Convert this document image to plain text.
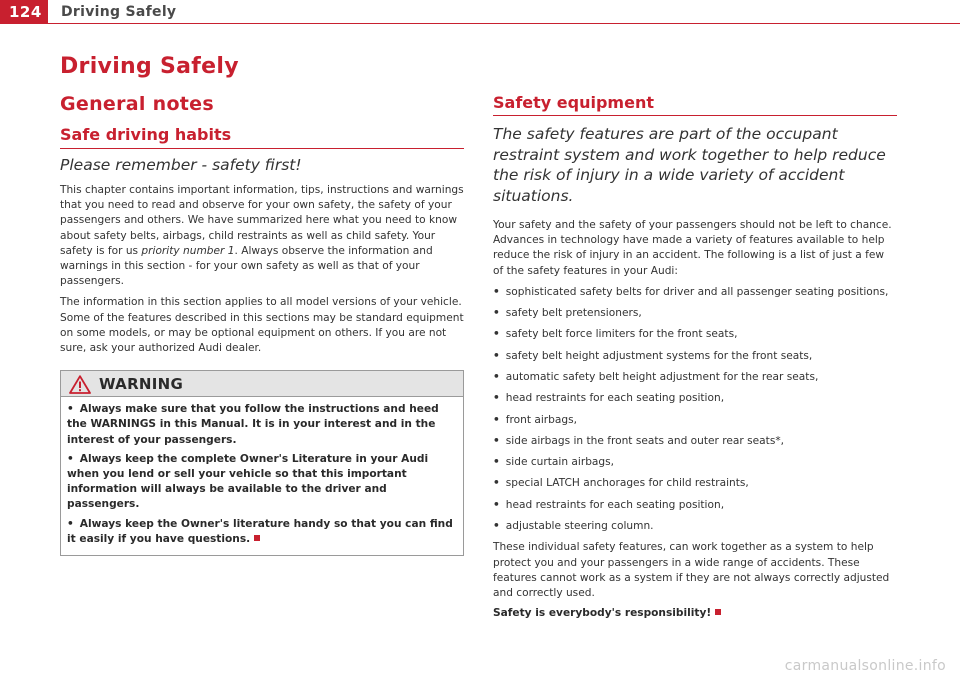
124	Driving Safely
Driving Safely
General notes
Safe driving habits

Please remember - safety first!

This chapter contains important information, tips, instructions and warnings that you need to read and observe for your own safety, the safety of your passengers and others. We have summarized here what you need to know about safety belts, airbags, child restraints as well as child safety. Your safety is for us priority number 1. Always observe the information and warnings in this section - for your own safety as well as that of your passengers.

The information in this section applies to all model versions of your vehicle. Some of the features described in this sections may be standard equipment on some models, or may be optional equipment on others. If you are not sure, ask your authorized Audi dealer.

WARNING

• Always make sure that you follow the instructions and heed the WARNINGS in this Manual. It is in your interest and in the interest of your passengers.

• Always keep the complete Owner's Literature in your Audi when you lend or sell your vehicle so that this important information will always be available to the driver and passengers.

• Always keep the Owner's literature handy so that you can find it easily if you have questions.

Safety equipment

The safety features are part of the occupant restraint system and work together to help reduce the risk of injury in a wide variety of accident situations.

Your safety and the safety of your passengers should not be left to chance. Advances in technology have made a variety of features available to help reduce the risk of injury in an accident. The following is a list of just a few of the safety features in your Audi:

• sophisticated safety belts for driver and all passenger seating positions,
• safety belt pretensioners,
• safety belt force limiters for the front seats,
• safety belt height adjustment systems for the front seats,
• automatic safety belt height adjustment for the rear seats,
• head restraints for each seating position,
• front airbags,
• side airbags in the front seats and outer rear seats*,
• side curtain airbags,
• special LATCH anchorages for child restraints,
• head restraints for each seating position,
• adjustable steering column.

These individual safety features, can work together as a system to help protect you and your passengers in a wide range of accidents. These features cannot work as a system if they are not always correctly adjusted and correctly used.

Safety is everybody's responsibility!

carmanualsonline.info
